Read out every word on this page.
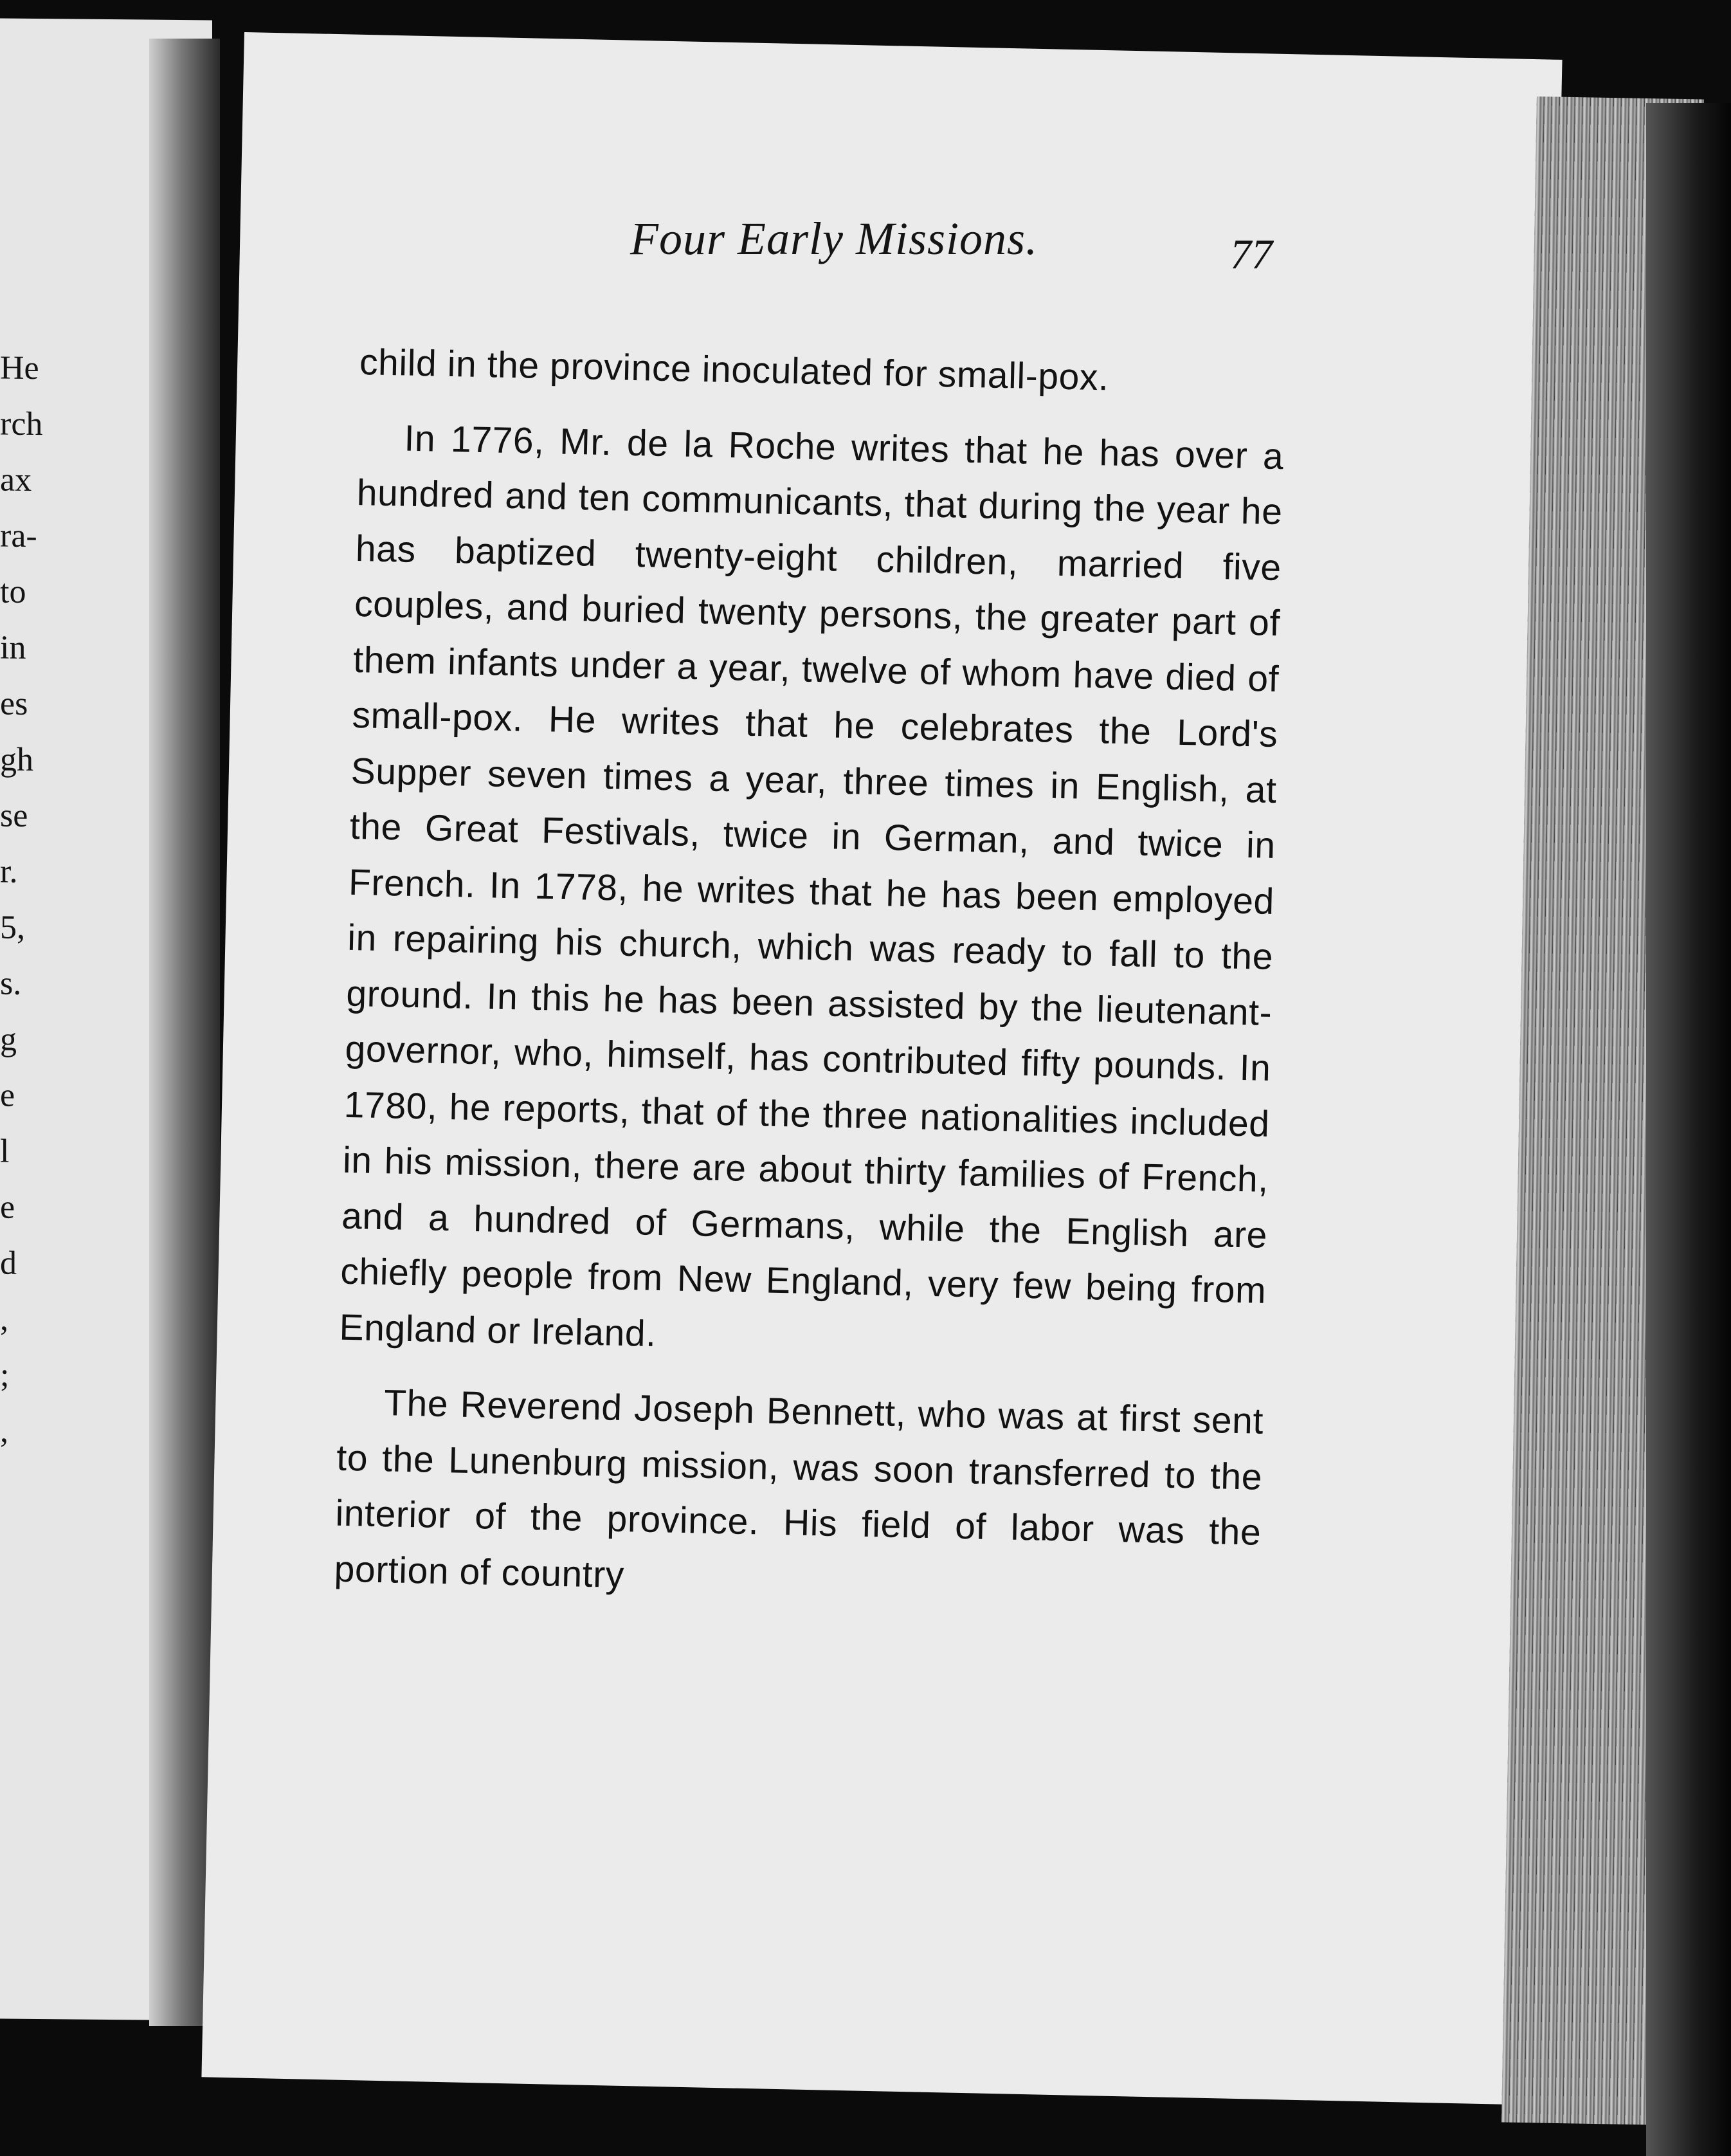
He
rch
ax
ra-
to
in
es
gh
se
r.
5,
s.
g
e
l
e
d
,
;
,
Four Early Missions.	77

child in the province inoculated for small-pox.

In 1776, Mr. de la Roche writes that he has over a hundred and ten communicants, that during the year he has baptized twenty-eight children, married five couples, and buried twenty persons, the greater part of them infants under a year, twelve of whom have died of small-pox. He writes that he celebrates the Lord's Supper seven times a year, three times in English, at the Great Festivals, twice in German, and twice in French. In 1778, he writes that he has been employed in repairing his church, which was ready to fall to the ground. In this he has been assisted by the lieutenant-governor, who, himself, has contributed fifty pounds. In 1780, he reports, that of the three nationalities included in his mission, there are about thirty families of French, and a hundred of Germans, while the English are chiefly people from New England, very few being from England or Ireland.

The Reverend Joseph Bennett, who was at first sent to the Lunenburg mission, was soon transferred to the interior of the province. His field of labor was the portion of country
